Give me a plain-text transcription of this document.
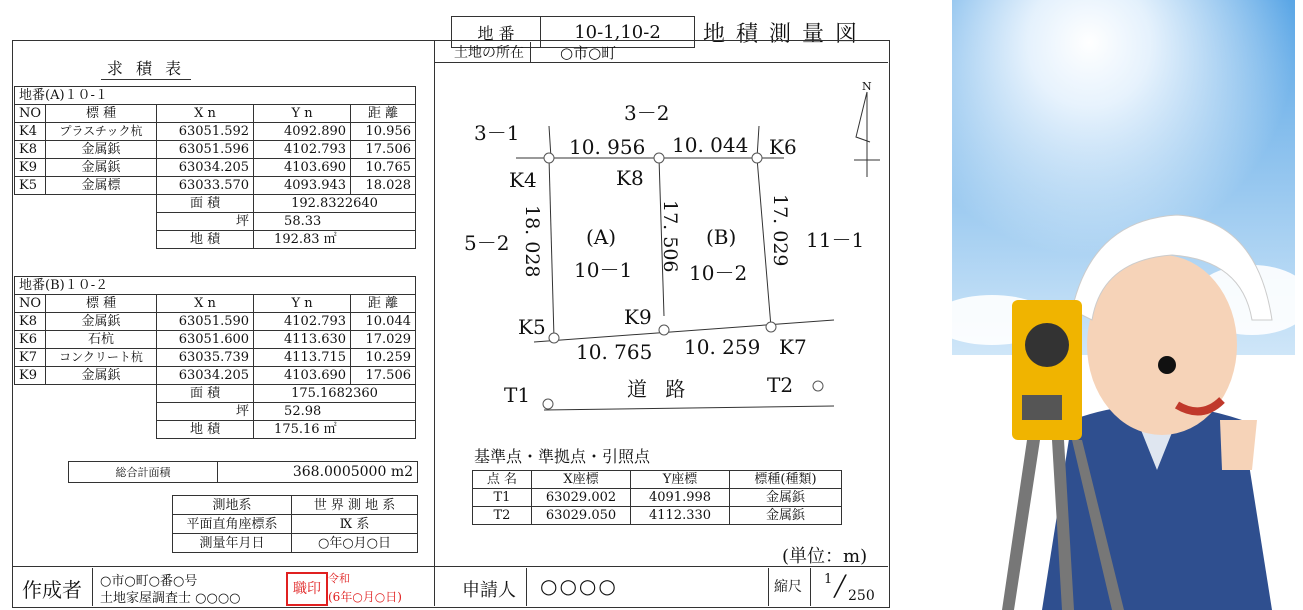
地 番	10-1,10-2	地 積 測 量 図
土地の所在	○市○町
求 積 表
地番(A)１０-１				
NO	標 種	X n	Y n	距 離
K4	プラスチック杭	63051.592	4092.890	10.956
K8	金属鋲	63051.596	4102.793	17.506
K9	金属鋲	63034.205	4103.690	10.765
K5	金属標	63033.570	4093.943	18.028
		面 積	192.8322640	
		坪	58.33	
		地 積	192.83 ㎡	
地番(B)１０-２				
NO	標 種	X n	Y n	距 離
K8	金属鋲	63051.590	4102.793	10.044
K6	石杭	63051.600	4113.630	17.029
K7	コンクリート杭	63035.739	4113.715	10.259
K9	金属鋲	63034.205	4103.690	17.506
		面 積	175.1682360	
		坪	52.98	
		地 積	175.16 ㎡	
総合計面積	368.0005000 m2
測地系	世 界 測 地 系
平面直角座標系	Ⅸ 系
測量年月日	○年○月○日
N
3－1
3－2
5－2	11－1
K4	K8
K6
K5	K9
K7
10. 956 10. 044
10. 765 10. 259
18. 028	17. 506	17. 029
(A)
10－1
(B)
10－2
道 路
T1	T2
基準点・準拠点・引照点
点 名	X座標	Y座標	標種(種類)
T1	63029.002	4091.998	金属鋲
T2	63029.050	4112.330	金属鋲
(単位：m)
作成者 ○市○町○番○号
土地家屋調査士 ○○○○
職印
令和
(6年○月○日)	申請人 ○○○○	縮尺 1 ╱ 250
